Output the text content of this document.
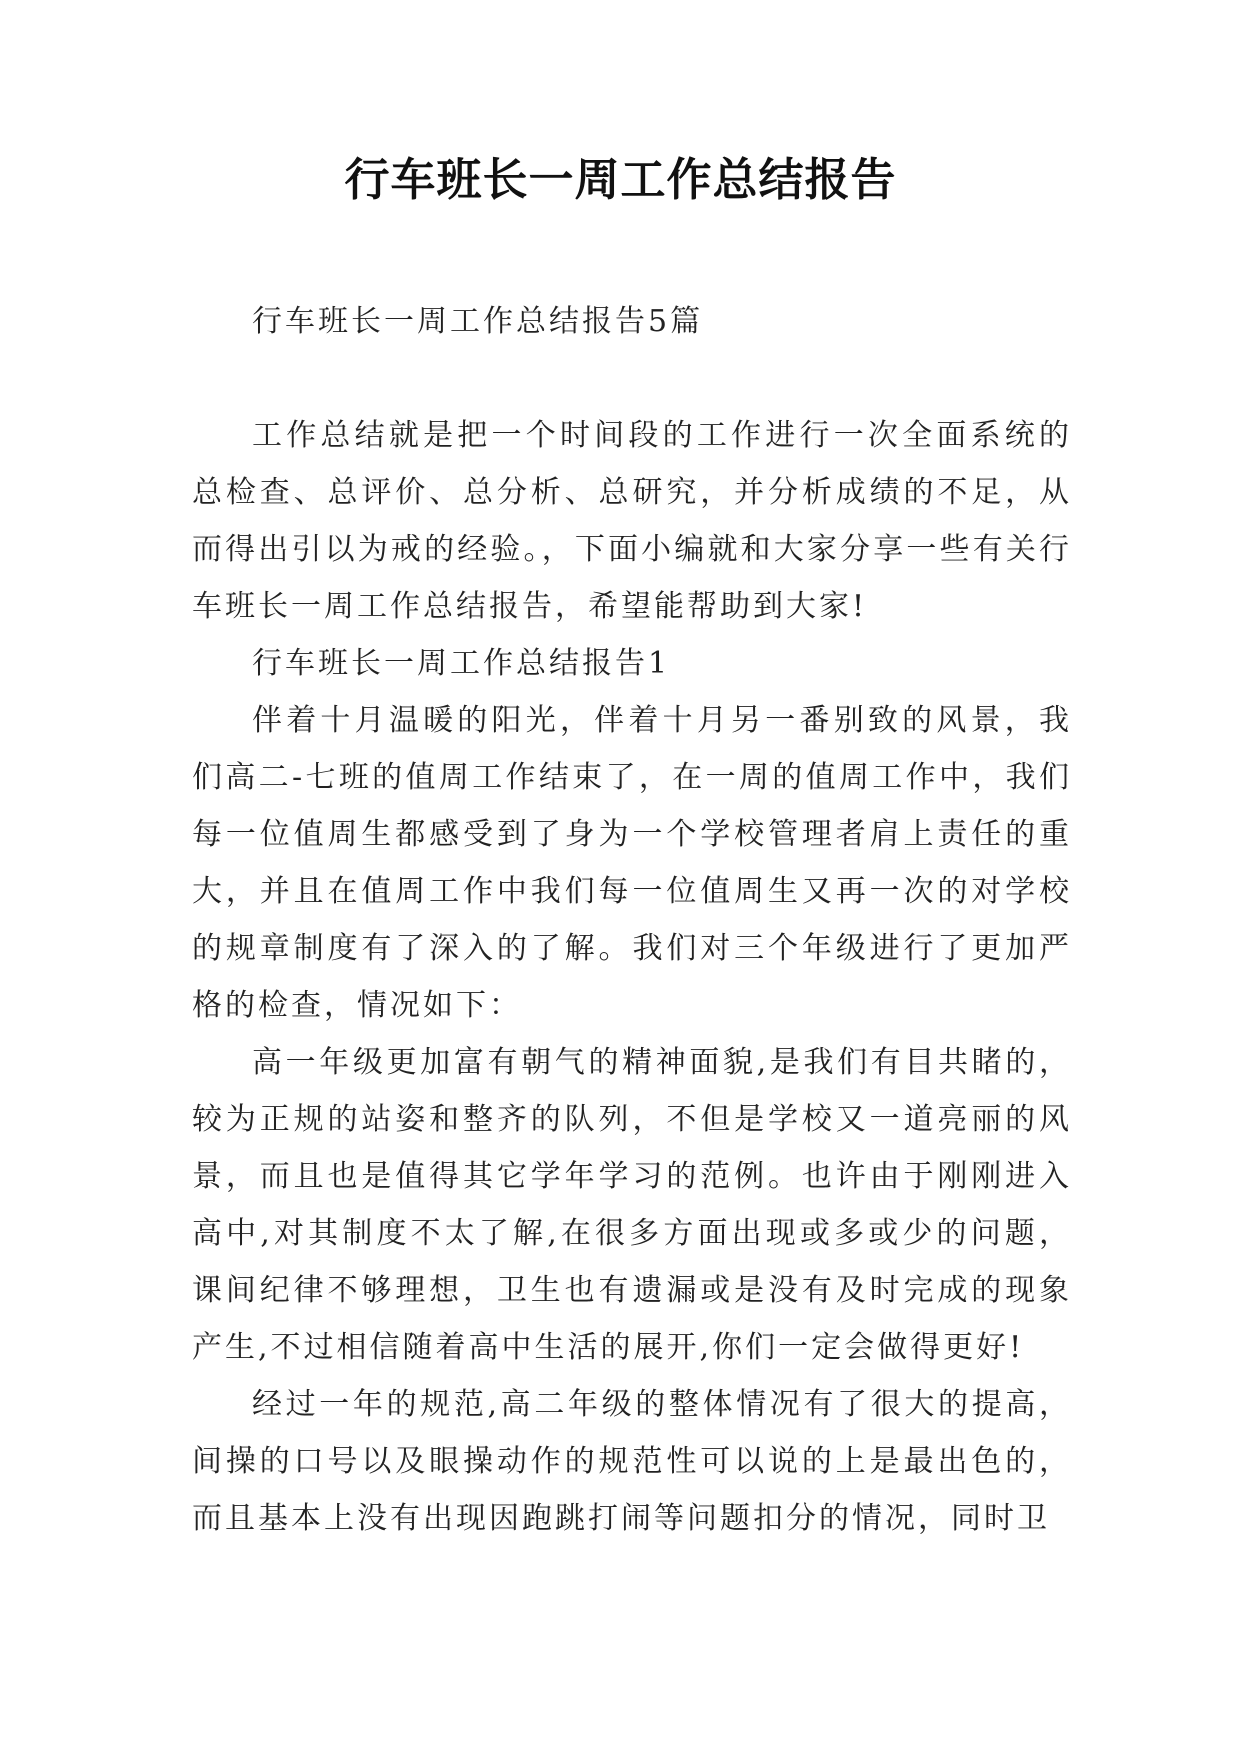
行车班长一周工作总结报告

行车班长一周工作总结报告5篇

工作总结就是把一个时间段的工作进行一次全面系统的总检查、总评价、总分析、总研究，并分析成绩的不足，从而得出引以为戒的经验。，下面小编就和大家分享一些有关行车班长一周工作总结报告，希望能帮助到大家!

行车班长一周工作总结报告1

伴着十月温暖的阳光，伴着十月另一番别致的风景，我们高二-七班的值周工作结束了，在一周的值周工作中，我们每一位值周生都感受到了身为一个学校管理者肩上责任的重大，并且在值周工作中我们每一位值周生又再一次的对学校的规章制度有了深入的了解。我们对三个年级进行了更加严格的检查，情况如下：

高一年级更加富有朝气的精神面貌,是我们有目共睹的，较为正规的站姿和整齐的队列，不但是学校又一道亮丽的风景，而且也是值得其它学年学习的范例。也许由于刚刚进入高中,对其制度不太了解,在很多方面出现或多或少的问题，课间纪律不够理想，卫生也有遗漏或是没有及时完成的现象产生,不过相信随着高中生活的展开,你们一定会做得更好!

经过一年的规范,高二年级的整体情况有了很大的提高，间操的口号以及眼操动作的规范性可以说的上是最出色的，而且基本上没有出现因跑跳打闹等问题扣分的情况，同时卫
